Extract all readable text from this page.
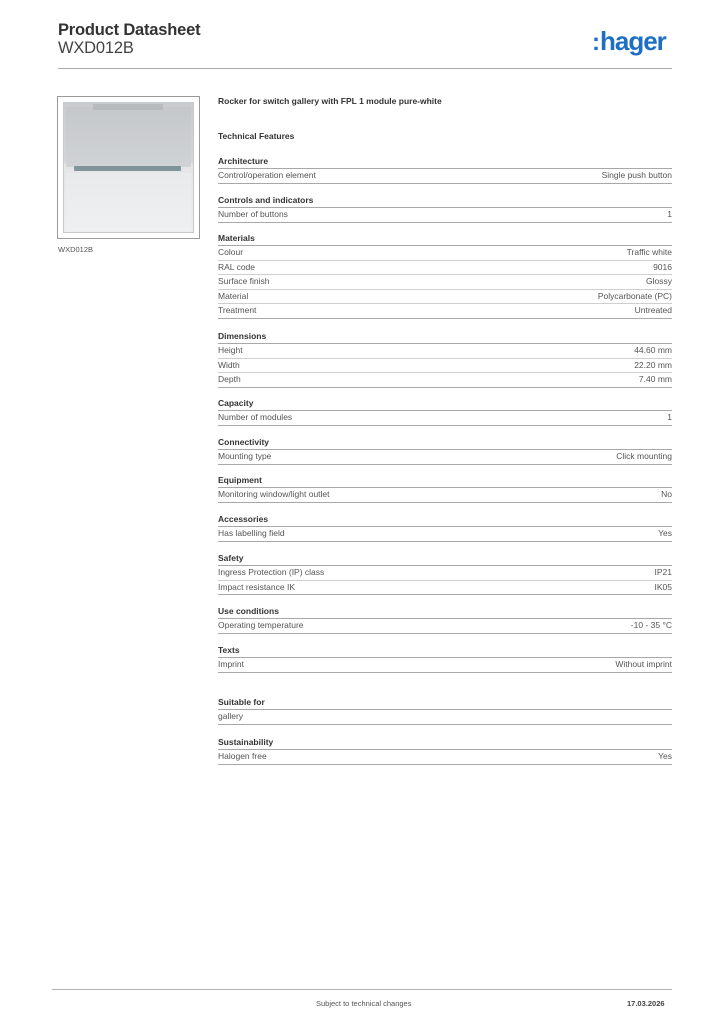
Product Datasheet
WXD012B	:hager
WXD012B
Rocker for switch gallery with FPL 1 module pure-white
Technical Features
Architecture
Control/operation element	Single push button
Controls and indicators
Number of buttons	1
Materials
Colour	Traffic white
RAL code	9016
Surface finish	Glossy
Material	Polycarbonate (PC)
Treatment	Untreated
Dimensions
Height	44.60 mm
Width	22.20 mm
Depth	7.40 mm
Capacity
Number of modules	1
Connectivity
Mounting type	Click mounting
Equipment
Monitoring window/light outlet	No
Accessories
Has labelling field	Yes
Safety
Ingress Protection (IP) class	IP21
Impact resistance IK	IK05
Use conditions
Operating temperature	-10 - 35 °C
Texts
Imprint	Without imprint
Suitable for
gallery
Sustainability
Halogen free	Yes
Subject to technical changes	17.03.2026
